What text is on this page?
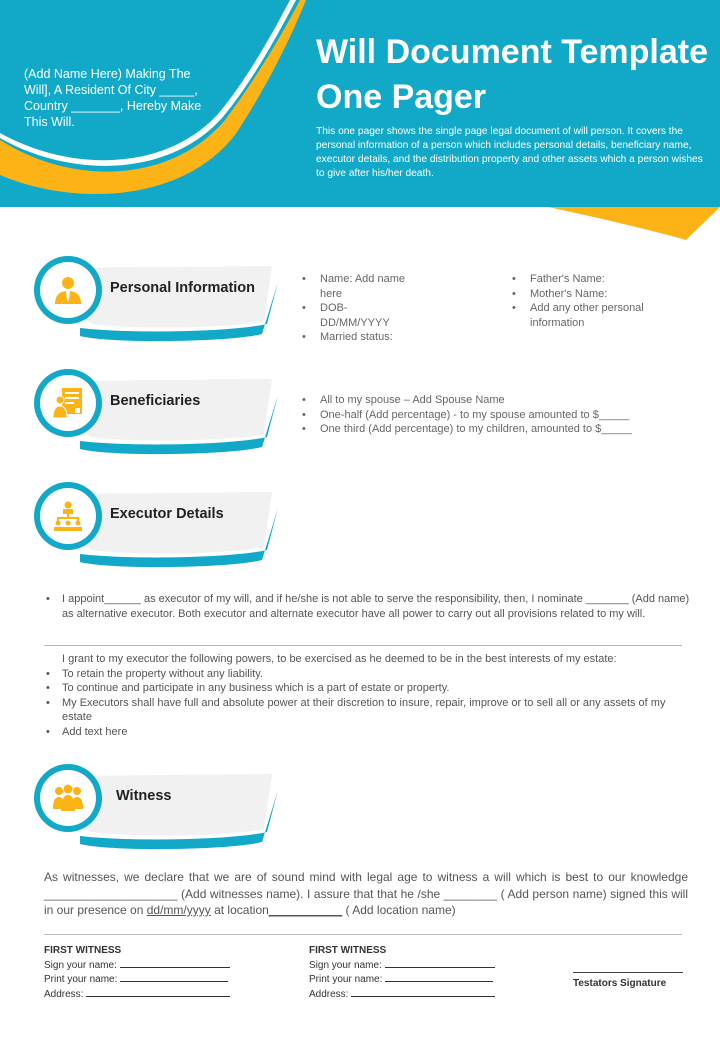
(Add Name Here) Making The Will], A Resident Of City _____, Country _______, Hereby Make This Will.
Will Document Template One Pager
This one pager shows the single page legal document of will person. It covers the personal information of a person which includes personal details, beneficiary name, executor details, and the distribution property and other assets which a person wishes to give after his/her death.
Personal Information
• Name: Add name here
• DOB- DD/MM/YYYY
• Married status:
• Father's Name:
• Mother's Name:
• Add any other personal information
Beneficiaries
•	All to my spouse – Add Spouse Name
• One-half (Add percentage) - to my spouse amounted to $_____
• One third (Add percentage) to my children, amounted to $_____
Executor Details
• I appoint______ as executor of my will, and if he/she is not able to serve the responsibility, then, I nominate _______ (Add name) as alternative executor. Both executor and alternate executor have all power to carry out all provisions related to my will.
I grant to my executor the following powers, to be exercised as he deemed to be in the best interests of my estate:
• To retain the property without any liability.
• To continue and participate in any business which is a part of estate or property.
• My Executors shall have full and absolute power at their discretion to insure, repair, improve or to sell all or any assets of my estate
• Add text here
Witness
As witnesses, we declare that we are of sound mind with legal age to witness a will which is best to our knowledge ____________________ (Add witnesses name). I assure that that he /she ________ ( Add person name) signed this will in our presence on dd/mm/yyyy at location___________ ( Add location name)
FIRST WITNESS
Sign your name:
Print your name:
Address:
FIRST WITNESS
Sign your name:
Print your name:
Address:
Testators Signature
